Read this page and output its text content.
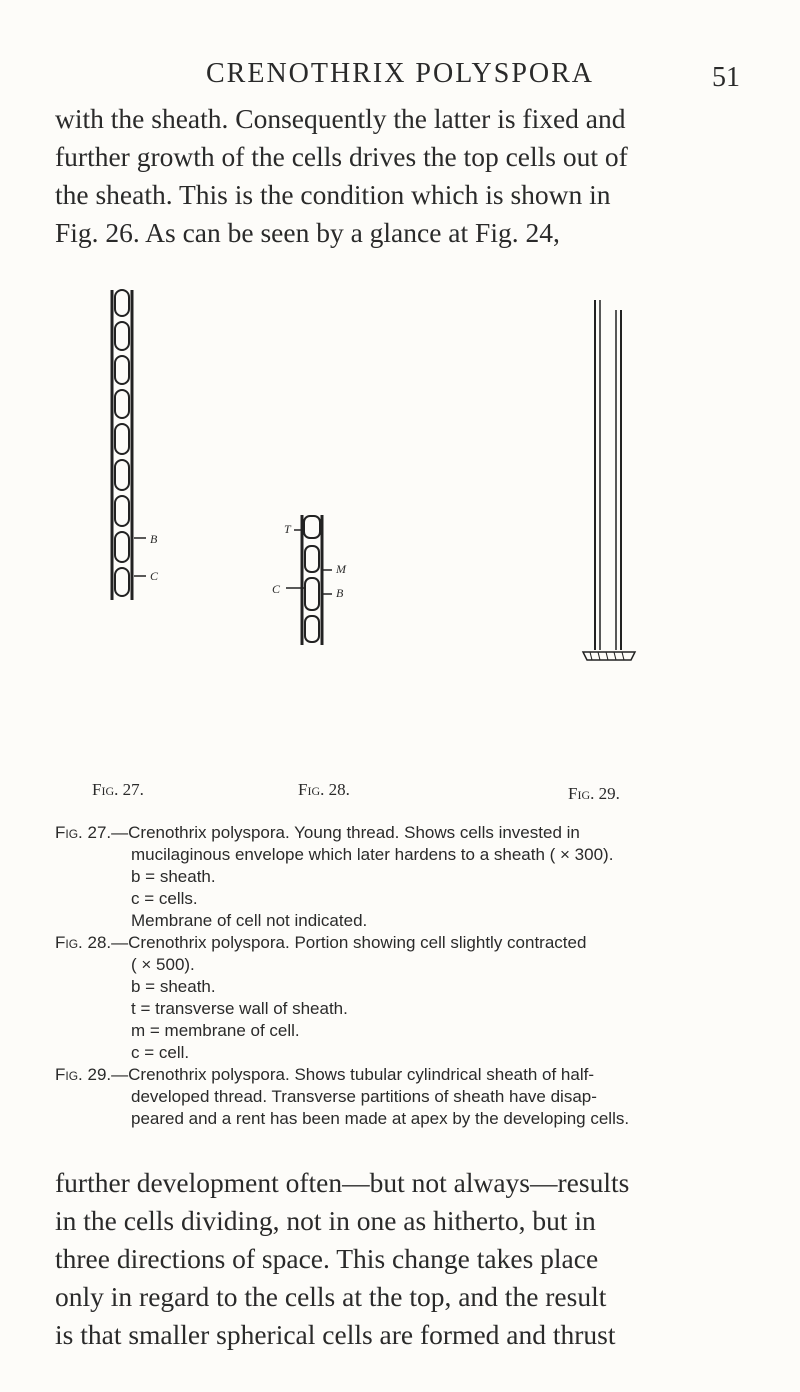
CRENOTHRIX POLYSPORA	51
with the sheath. Consequently the latter is fixed and
further growth of the cells drives the top cells out of
the sheath. This is the condition which is shown in
Fig. 26. As can be seen by a glance at Fig. 24,
b
c
t
m
c	b
Fig. 27.	Fig. 28.	Fig. 29.
Fig. 27.—Crenothrix polyspora. Young thread. Shows cells invested in
mucilaginous envelope which later hardens to a sheath ( × 300).
b = sheath.
c = cells.
Membrane of cell not indicated.
Fig. 28.—Crenothrix polyspora. Portion showing cell slightly contracted
( × 500).
b = sheath.
t = transverse wall of sheath.
m = membrane of cell.
c = cell.
Fig. 29.—Crenothrix polyspora. Shows tubular cylindrical sheath of half-
developed thread. Transverse partitions of sheath have disap-
peared and a rent has been made at apex by the developing cells.
further development often—but not always—results
in the cells dividing, not in one as hitherto, but in
three directions of space. This change takes place
only in regard to the cells at the top, and the result
is that smaller spherical cells are formed and thrust
